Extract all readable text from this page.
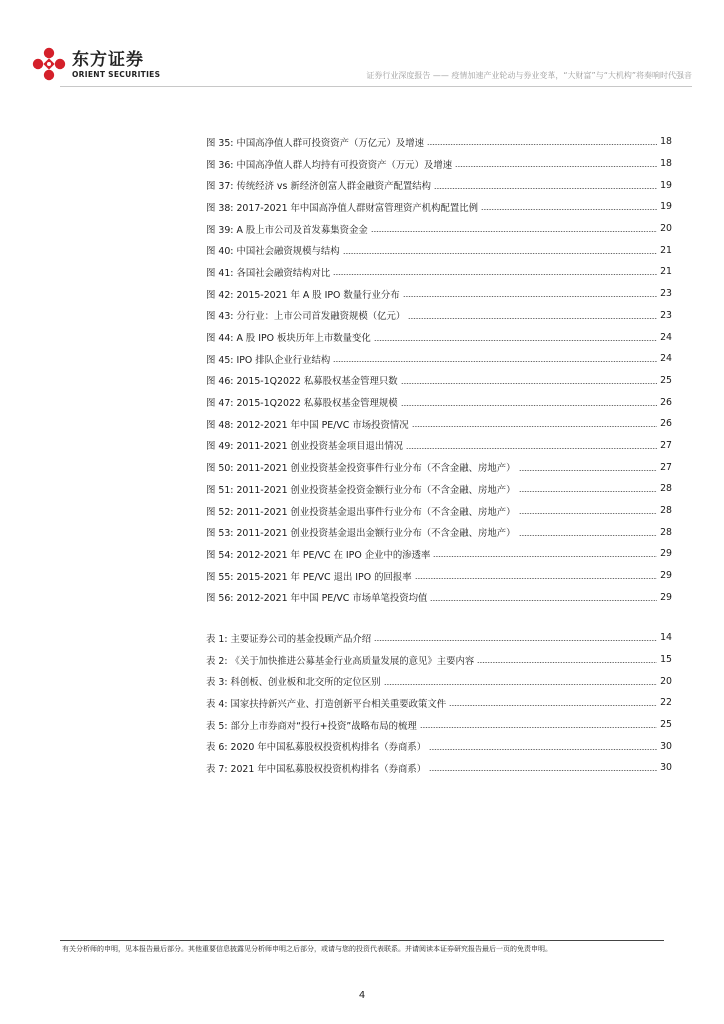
东方证券
ORIENT SECURITIES	证券行业深度报告 —— 疫情加速产业轮动与券业变革，“大财富”与“大机构”将奏响时代强音
图 35: 中国高净值人群可投资资产（万亿元）及增速	18
图 36: 中国高净值人群人均持有可投资资产（万元）及增速	18
图 37: 传统经济 vs 新经济创富人群金融资产配置结构	19
图 38: 2017-2021 年中国高净值人群财富管理资产机构配置比例	19
图 39: A 股上市公司及首发募集资金金	20
图 40: 中国社会融资规模与结构	21
图 41: 各国社会融资结构对比	21
图 42: 2015-2021 年 A 股 IPO 数量行业分布	23
图 43: 分行业：上市公司首发融资规模（亿元）	23
图 44: A 股 IPO 板块历年上市数量变化	24
图 45: IPO 排队企业行业结构	24
图 46: 2015-1Q2022 私募股权基金管理只数	25
图 47: 2015-1Q2022 私募股权基金管理规模	26
图 48: 2012-2021 年中国 PE/VC 市场投资情况	26
图 49: 2011-2021 创业投资基金项目退出情况	27
图 50: 2011-2021 创业投资基金投资事件行业分布（不含金融、房地产）	27
图 51: 2011-2021 创业投资基金投资金额行业分布（不含金融、房地产）	28
图 52: 2011-2021 创业投资基金退出事件行业分布（不含金融、房地产）	28
图 53: 2011-2021 创业投资基金退出金额行业分布（不含金融、房地产）	28
图 54: 2012-2021 年 PE/VC 在 IPO 企业中的渗透率	29
图 55: 2015-2021 年 PE/VC 退出 IPO 的回报率	29
图 56: 2012-2021 年中国 PE/VC 市场单笔投资均值	29
表 1: 主要证券公司的基金投顾产品介绍	14
表 2: 《关于加快推进公募基金行业高质量发展的意见》主要内容	15
表 3: 科创板、创业板和北交所的定位区别	20
表 4: 国家扶持新兴产业、打造创新平台相关重要政策文件	22
表 5: 部分上市券商对“投行+投资”战略布局的梳理	25
表 6: 2020 年中国私募股权投资机构排名（券商系）	30
表 7: 2021 年中国私募股权投资机构排名（券商系）	30
有关分析师的申明，见本报告最后部分。其他重要信息披露见分析师申明之后部分，或请与您的投资代表联系。并请阅读本证券研究报告最后一页的免责申明。
4
